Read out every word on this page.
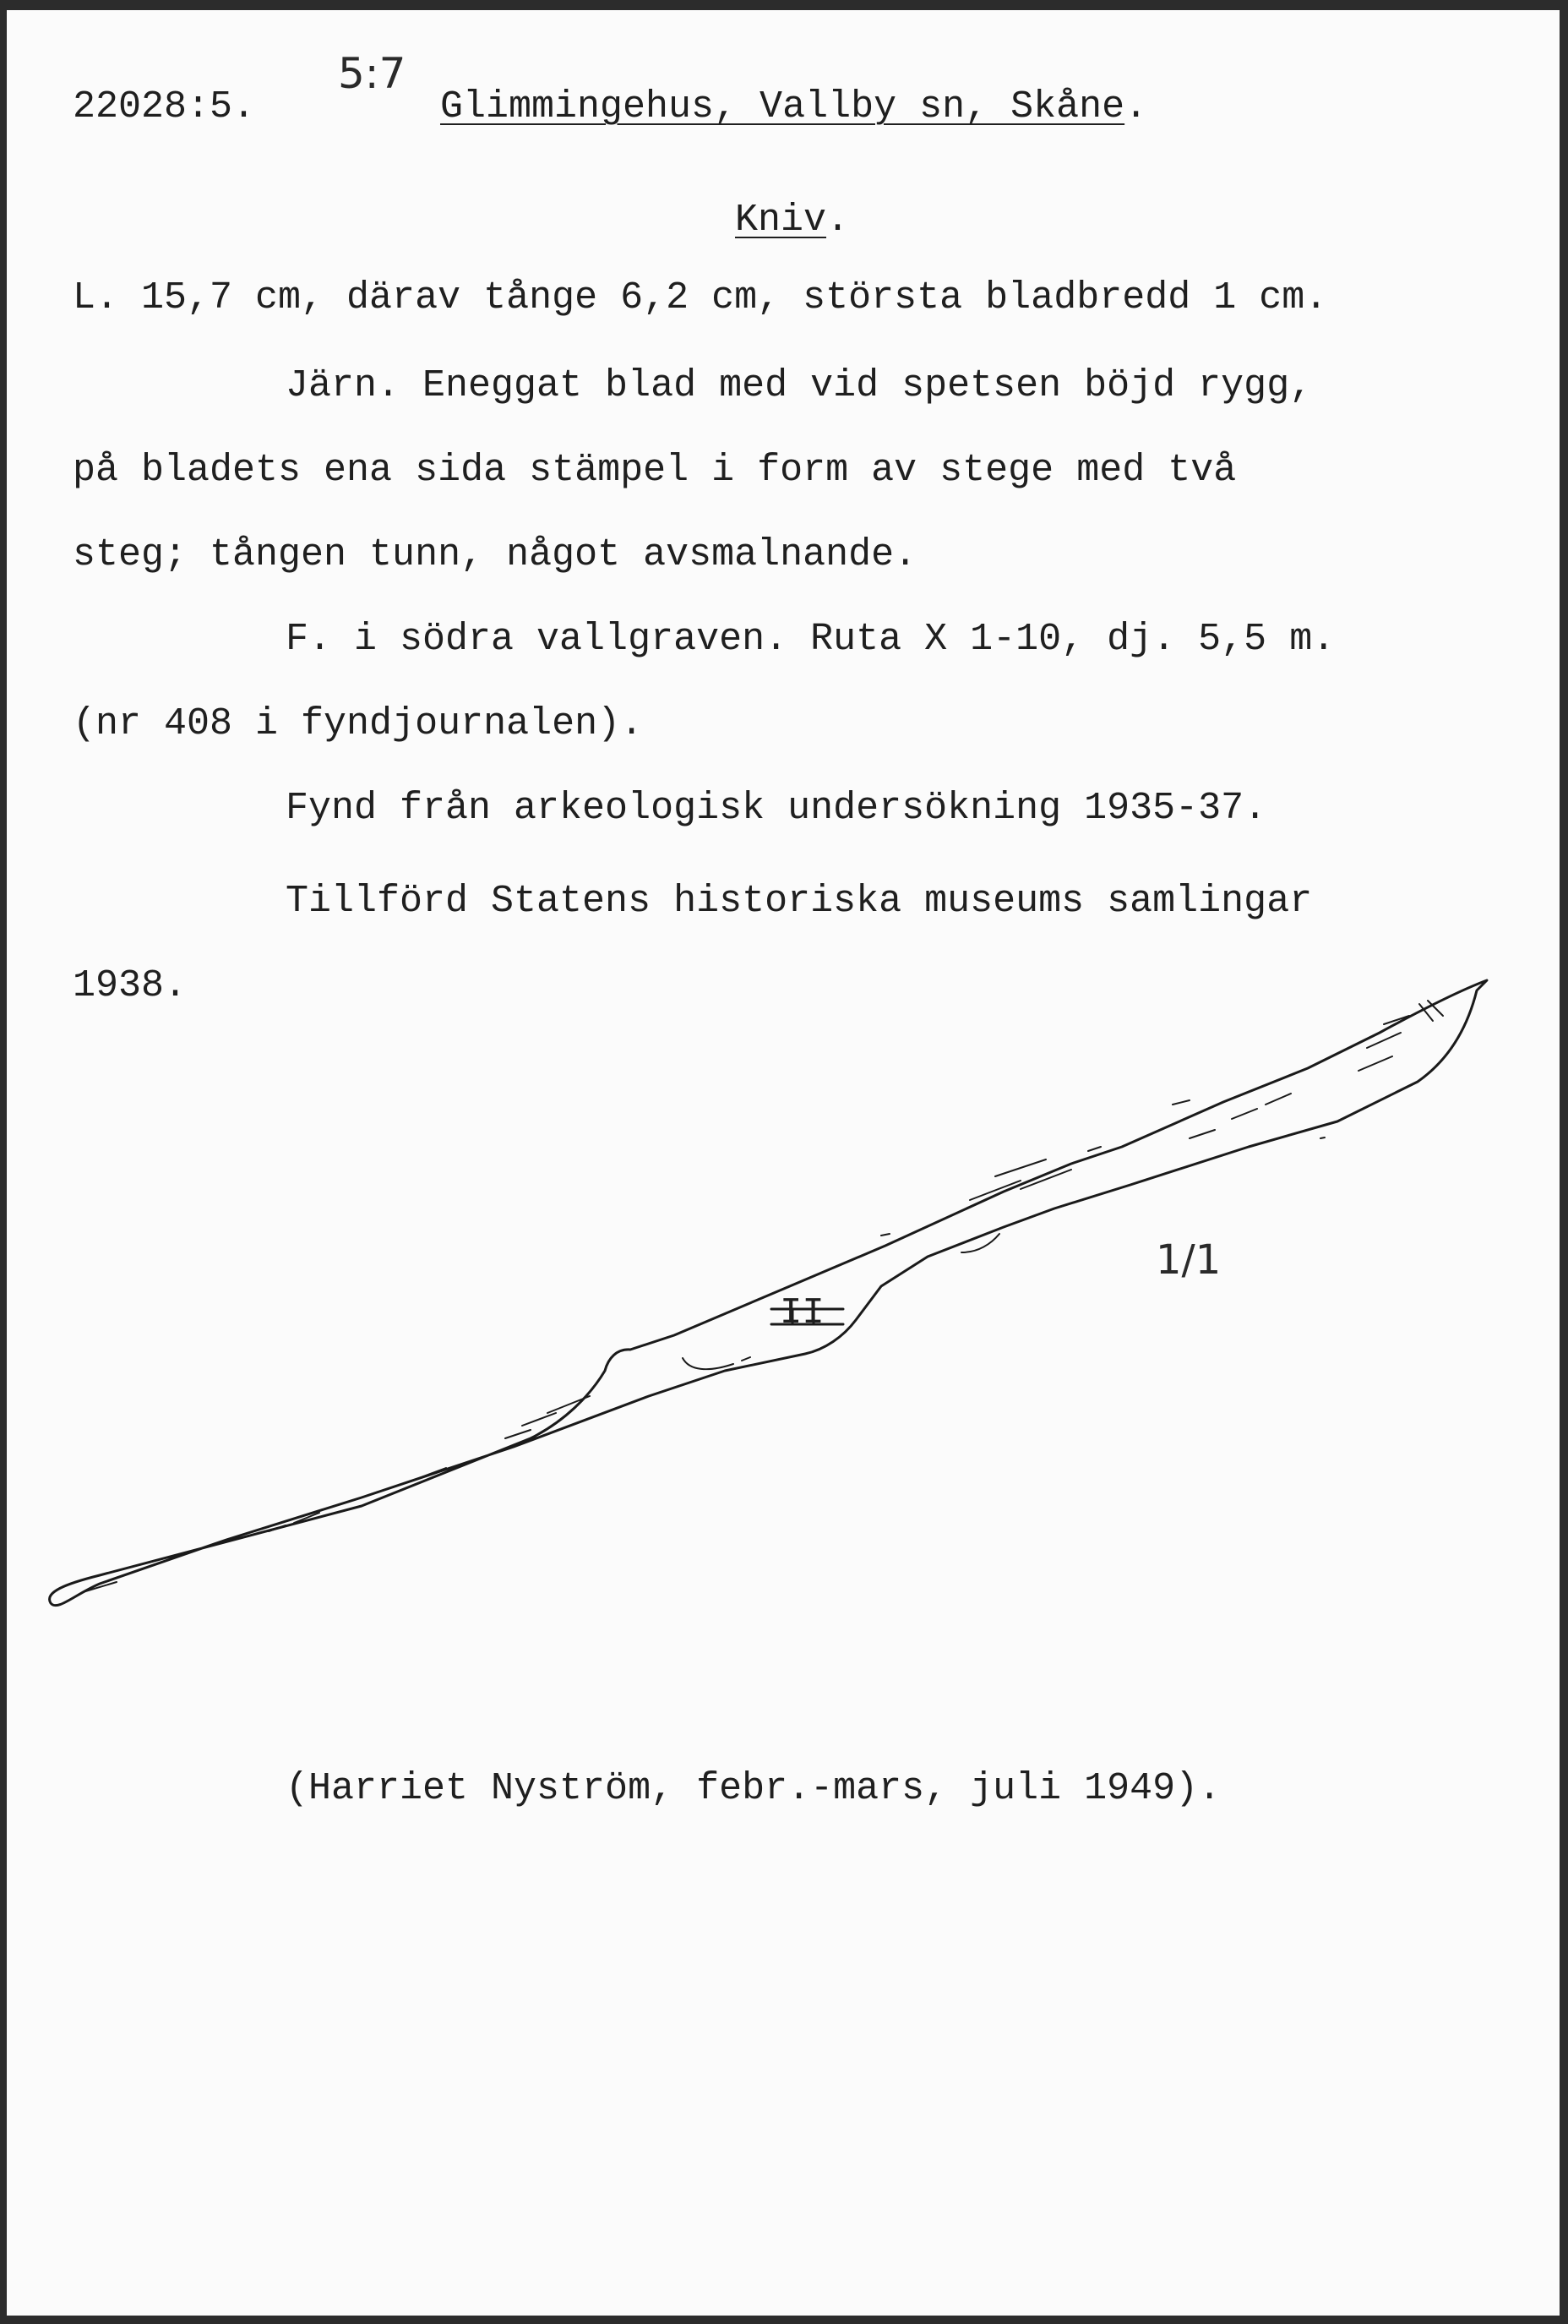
22028:5.
5:7
Glimmingehus, Vallby sn, Skåne.
Kniv.
L. 15,7 cm, därav tånge 6,2 cm, största bladbredd 1 cm.
Järn. Eneggat blad med vid spetsen böjd rygg,
på bladets ena sida stämpel i form av stege med två
steg; tången tunn, något avsmalnande.
F. i södra vallgraven. Ruta X 1-10, dj. 5,5 m.
(nr 408 i fyndjournalen).
Fynd från arkeologisk undersökning 1935-37.
Tillförd Statens historiska museums samlingar
1938.
II
1/1
(Harriet Nyström, febr.-mars, juli 1949).
